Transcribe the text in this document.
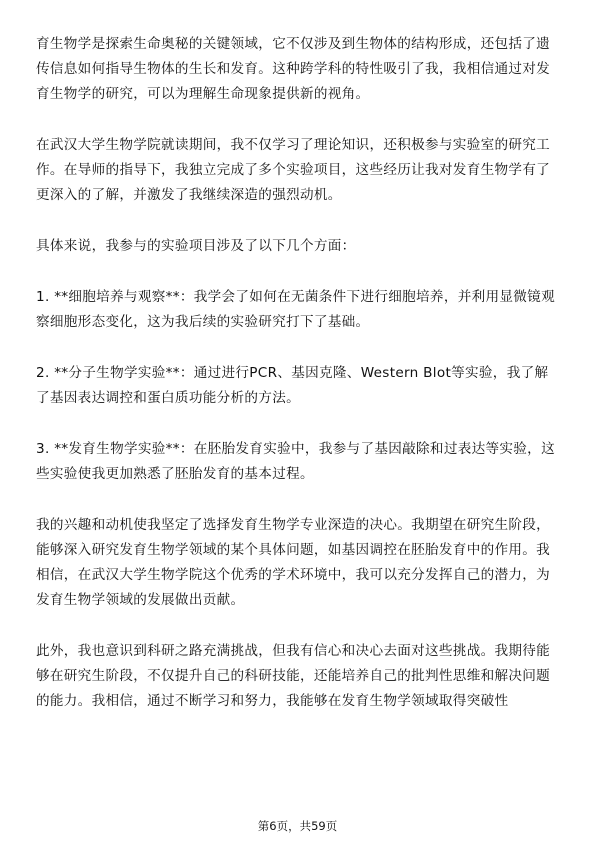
育生物学是探索生命奥秘的关键领域，它不仅涉及到生物体的结构形成，还包括了遗传信息如何指导生物体的生长和发育。这种跨学科的特性吸引了我，我相信通过对发育生物学的研究，可以为理解生命现象提供新的视角。

在武汉大学生物学院就读期间，我不仅学习了理论知识，还积极参与实验室的研究工作。在导师的指导下，我独立完成了多个实验项目，这些经历让我对发育生物学有了更深入的了解，并激发了我继续深造的强烈动机。

具体来说，我参与的实验项目涉及了以下几个方面：

1. **细胞培养与观察**：我学会了如何在无菌条件下进行细胞培养，并利用显微镜观察细胞形态变化，这为我后续的实验研究打下了基础。

2. **分子生物学实验**：通过进行PCR、基因克隆、Western Blot等实验，我了解了基因表达调控和蛋白质功能分析的方法。

3. **发育生物学实验**：在胚胎发育实验中，我参与了基因敲除和过表达等实验，这些实验使我更加熟悉了胚胎发育的基本过程。

我的兴趣和动机使我坚定了选择发育生物学专业深造的决心。我期望在研究生阶段，能够深入研究发育生物学领域的某个具体问题，如基因调控在胚胎发育中的作用。我相信，在武汉大学生物学院这个优秀的学术环境中，我可以充分发挥自己的潜力，为发育生物学领域的发展做出贡献。

此外，我也意识到科研之路充满挑战，但我有信心和决心去面对这些挑战。我期待能够在研究生阶段，不仅提升自己的科研技能，还能培养自己的批判性思维和解决问题的能力。我相信，通过不断学习和努力，我能够在发育生物学领域取得突破性

第6页，共59页
